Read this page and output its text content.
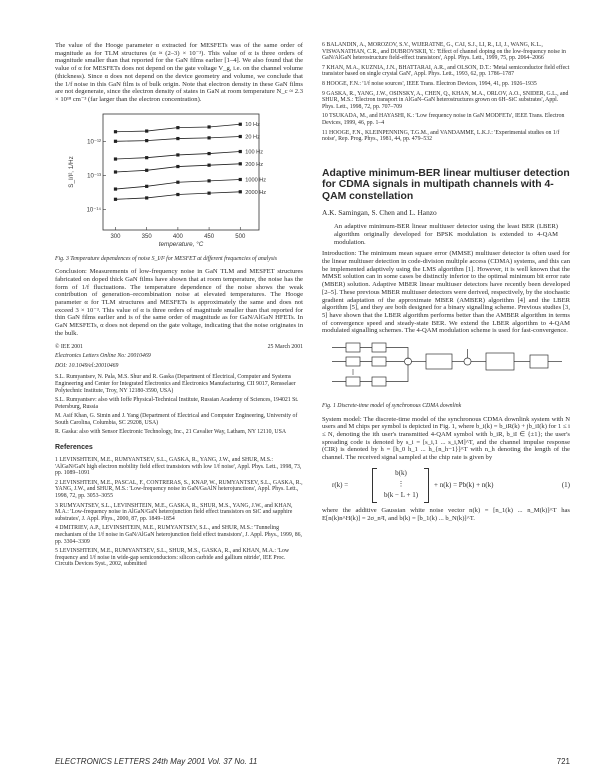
The value of the Hooge parameter α extracted for MESFETs was of the same order of magnitude as for TLM structures (α ≈ (2–3) × 10⁻³). This value of α is three orders of magnitude smaller than that reported for the GaN films earlier [1–4]. We also found that the value of α for MESFETs does not depend on the gate voltage V_g, i.e. on the channel volume (thickness). Since α does not depend on the device geometry and volume, we conclude that the 1/f noise in this GaN film is of bulk origin. Note that electron density in these GaN films are not degenerate, since the electron density of states in GaN at room temperature N_c ≈ 2.3 × 10¹⁸ cm⁻³ (far larger than the electron concentration).

300	350	400	450	500
10⁻¹²
10⁻¹³
10⁻¹⁴
temperature, °C
S_I/I², 1/Hz
10 Hz
20 Hz
100 Hz
200 Hz
1000 Hz
2000 Hz

Fig. 3 Temperature dependences of noise S_I/I² for MESFET at different frequencies of analysis

Conclusion: Measurements of low-frequency noise in GaN TLM and MESFET structures fabricated on doped thick GaN films have shown that at room temperature, the noise has the form of 1/f fluctuations. The temperature dependence of the noise shows the weak contribution of generation–recombination noise at elevated temperatures. The Hooge parameter α for TLM structures and MESFETs is approximately the same and does not exceed 3 × 10⁻³. This value of α is three orders of magnitude smaller than that reported for thin GaN films earlier and is of the same order of magnitude as for GaN/AlGaN HFETs. In GaN MESFETs, α does not depend on the gate voltage, indicating that the noise originates in the bulk.

© IEE 2001	25 March 2001
Electronics Letters Online No: 20010469
DOI: 10.1049/el:20010469

S.L. Rumyantsev, N. Pala, M.S. Shur and R. Gaska (Department of Electrical, Computer and Systems Engineering and Center for Integrated Electronics and Electronics Manufacturing, CII 9017, Rensselaer Polytechnic Institute, Troy, NY 12180-3590, USA)

S.L. Rumyantsev: also with Ioffe Physical-Technical Institute, Russian Academy of Sciences, 194021 St. Petersburg, Russia

M. Asif Khan, G. Simin and J. Yang (Department of Electrical and Computer Engineering, University of South Carolina, Columbia, SC 29208, USA)

R. Gaska: also with Sensor Electronic Technology, Inc., 21 Cavalier Way, Latham, NY 12110, USA

References

1 LEVINSHTEIN, M.E., RUMYANTSEV, S.L., GASKA, R., YANG, J.W., and SHUR, M.S.: 'AlGaN/GaN high electron mobility field effect transistors with low 1/f noise', Appl. Phys. Lett., 1998, 73, pp. 1089–1091

2 LEVINSHTEIN, M.E., PASCAL, F., CONTRERAS, S., KNAP, W., RUMYANTSEV, S.L., GASKA, R., YANG, J.W., and SHUR, M.S.: 'Low-frequency noise in GaN/GaAlN heterojunctions', Appl. Phys. Lett., 1998, 72, pp. 3053–3055

3 RUMYANTSEV, S.L., LEVINSHTEIN, M.E., GASKA, R., SHUR, M.S., YANG, J.W., and KHAN, M.A.: 'Low-frequency noise in AlGaN/GaN heterojunction field effect transistors on SiC and sapphire substrates', J. Appl. Phys., 2000, 87, pp. 1849–1854

4 DMITRIEV, A.P., LEVINSHTEIN, M.E., RUMYANTSEV, S.L., and SHUR, M.S.: 'Tunneling mechanism of the 1/f noise in GaN/AlGaN heterojunction field effect transistors', J. Appl. Phys., 1999, 86, pp. 3304–3309

5 LEVINSHTEIN, M.E., RUMYANTSEV, S.L., SHUR, M.S., GASKA, R., and KHAN, M.A.: 'Low frequency and 1/f noise in wide-gap semiconductors: silicon carbide and gallium nitride', IEE Proc. Circuits Devices Syst., 2002, submitted

6 BALANDIN, A., MOROZOV, S.V., WIJERATNE, G., CAI, S.J., LI, R., LI, J., WANG, K.L., VISWANATHAN, C.R., and DUBROVSKII, Y.: 'Effect of channel doping on the low-frequency noise in GaN/AlGaN heterostructure field-effect transistors', Appl. Phys. Lett., 1999, 75, pp. 2064–2066

7 KHAN, M.A., KUZNIA, J.N., BHATTARAI, A.R., and OLSON, D.T.: 'Metal semiconductor field effect transistor based on single crystal GaN', Appl. Phys. Lett., 1993, 62, pp. 1786–1787

8 HOOGE, F.N.: '1/f noise sources', IEEE Trans. Electron Devices, 1994, 41, pp. 1926–1935

9 GASKA, R., YANG, J.W., OSINSKY, A., CHEN, Q., KHAN, M.A., ORLOV, A.O., SNIDER, G.L., and SHUR, M.S.: 'Electron transport in AlGaN–GaN heterostructures grown on 6H–SiC substrates', Appl. Phys. Lett., 1998, 72, pp. 707–709

10 TSUKADA, M., and HAYASHI, K.: 'Low frequency noise in GaN MODFETs', IEEE Trans. Electron Devices, 1999, 46, pp. 1–4

11 HOOGE, F.N., KLEINPENNING, T.G.M., and VANDAMME, L.K.J.: 'Experimental studies on 1/f noise', Rep. Prog. Phys., 1981, 44, pp. 479–532

Adaptive minimum-BER linear multiuser detection for CDMA signals in multipath channels with 4-QAM constellation
A.K. Samingan, S. Chen and L. Hanzo

An adaptive minimum-BER linear multiuser detector using the least BER (LBER) algorithm originally developed for BPSK modulation is extended to 4-QAM modulation.

Introduction: The minimum mean square error (MMSE) multiuser detector is often used for the linear multiuser detection in code-division multiple access (CDMA) systems, and this can be implemented adaptively using the LMS algorithm [1]. However, it is well known that the MMSE solution can in some cases be distinctly inferior to the optimal minimum bit error rate (MBER) solution. Adaptive MBER linear multiuser detectors have recently been developed [2–5]. These previous MBER multiuser detectors were derived, respectively, by the stochastic gradient adaptation of the approximate MBER (AMBER) algorithm [4] and the LBER algorithm [5], and they are both designed for a binary signalling scheme. Previous studies [3, 5] have shown that the LBER algorithm performs better than the AMBER algorithm in terms of convergence speed and steady-state BER. We extend the LBER algorithm to 4-QAM modulated signalling schemes. The 4-QAM modulation scheme is used for fast-convergence.

Fig. 1 Discrete-time model of synchronous CDMA downlink

System model: The discrete-time model of the synchronous CDMA downlink system with N users and M chips per symbol is depicted in Fig. 1, where b_i(k) = b_iR(k) + jb_iI(k) for 1 ≤ i ≤ N, denoting the ith user's transmitted 4-QAM symbol with b_iR, b_iI ∈ {±1}; the user's spreading code is denoted by s_i = [s_i,1 ... s_i,M]^T, and the channel impulse response (CIR) is denoted by h = [h_0 h_1 ... h_{n_h−1}]^T with n_h denoting the length of the channel. The received signal sampled at the chip rate is given by

r(k) =
b(k)
⋮
b(k − L + 1)
+ n(k) = Pb(k) + n(k)	(1)

where the additive Gaussian white noise vector n(k) = [n_1(k) ... n_M(k)]^T has E[n(k)n^H(k)] = 2σ_n²I, and b(k) = [b_1(k) ... b_N(k)]^T.

ELECTRONICS LETTERS 24th May 2001 Vol. 37 No. 11	721
